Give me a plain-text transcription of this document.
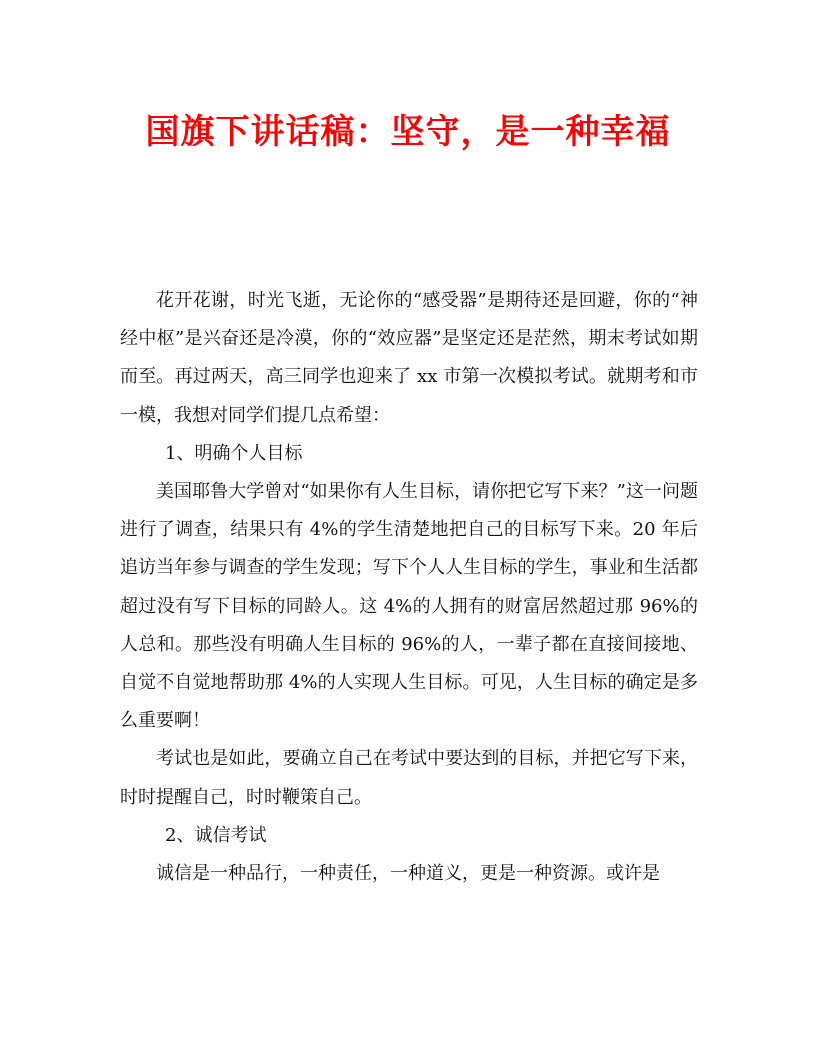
国旗下讲话稿：坚守，是一种幸福

花开花谢，时光飞逝，无论你的“感受器”是期待还是回避，你的“神经中枢”是兴奋还是冷漠，你的“效应器”是坚定还是茫然，期末考试如期而至。再过两天，高三同学也迎来了 xx 市第一次模拟考试。就期考和市一模，我想对同学们提几点希望：

1、明确个人目标

美国耶鲁大学曾对“如果你有人生目标，请你把它写下来？”这一问题进行了调查，结果只有 4%的学生清楚地把自己的目标写下来。20 年后追访当年参与调查的学生发现；写下个人人生目标的学生，事业和生活都超过没有写下目标的同龄人。这 4%的人拥有的财富居然超过那 96%的人总和。那些没有明确人生目标的 96%的人，一辈子都在直接间接地、自觉不自觉地帮助那 4%的人实现人生目标。可见，人生目标的确定是多么重要啊！

考试也是如此，要确立自己在考试中要达到的目标，并把它写下来，时时提醒自己，时时鞭策自己。

2、诚信考试

诚信是一种品行，一种责任，一种道义，更是一种资源。或许是
